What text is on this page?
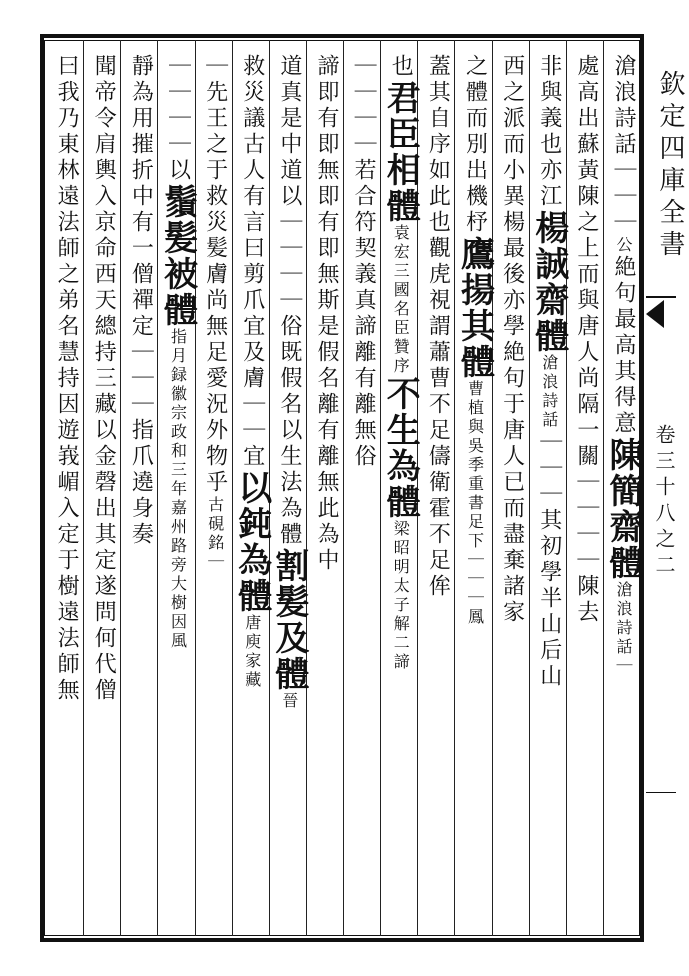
滄浪詩話｜｜｜公絶句最高其得意陳簡齋體滄浪詩話｜
處高出蘇黃陳之上而與唐人尚隔一關｜｜｜｜陳去
非與義也亦江楊誠齋體滄浪詩話｜｜｜其初學半山后山
西之派而小異楊最後亦學絶句于唐人已而盡棄諸家
之體而別出機杼鷹揚其體曹植與吳季重書足下｜｜｜鳳
蓋其自序如此也觀虎視謂蕭曹不足儔衛霍不足侔
也君臣相體袁宏三國名臣贊序不生為體梁昭明太子解二諦
｜｜｜｜若合符契義真諦離有離無俗
諦即有即無即有即無斯是假名離有離無此為中
道真是中道以｜｜｜｜俗既假名以生法為體割髪及體晉
救災議古人有言曰剪爪宜及膚｜｜宜以鈍為體唐庾家藏
｜先王之于救災髪膚尚無足愛況外物乎古硯銘｜
｜｜｜｜以鬚髪被體指月録徽宗政和三年嘉州路旁大樹因風
靜為用摧折中有一僧禪定｜｜｜指爪遶身奏
聞帝令肩輿入京命西天總持三藏以金磬出其定遂問何代僧
曰我乃東林遠法師之弟名慧持因遊峩嵋入定于樹遠法師無	欽定四庫全書
卷三十八之二
